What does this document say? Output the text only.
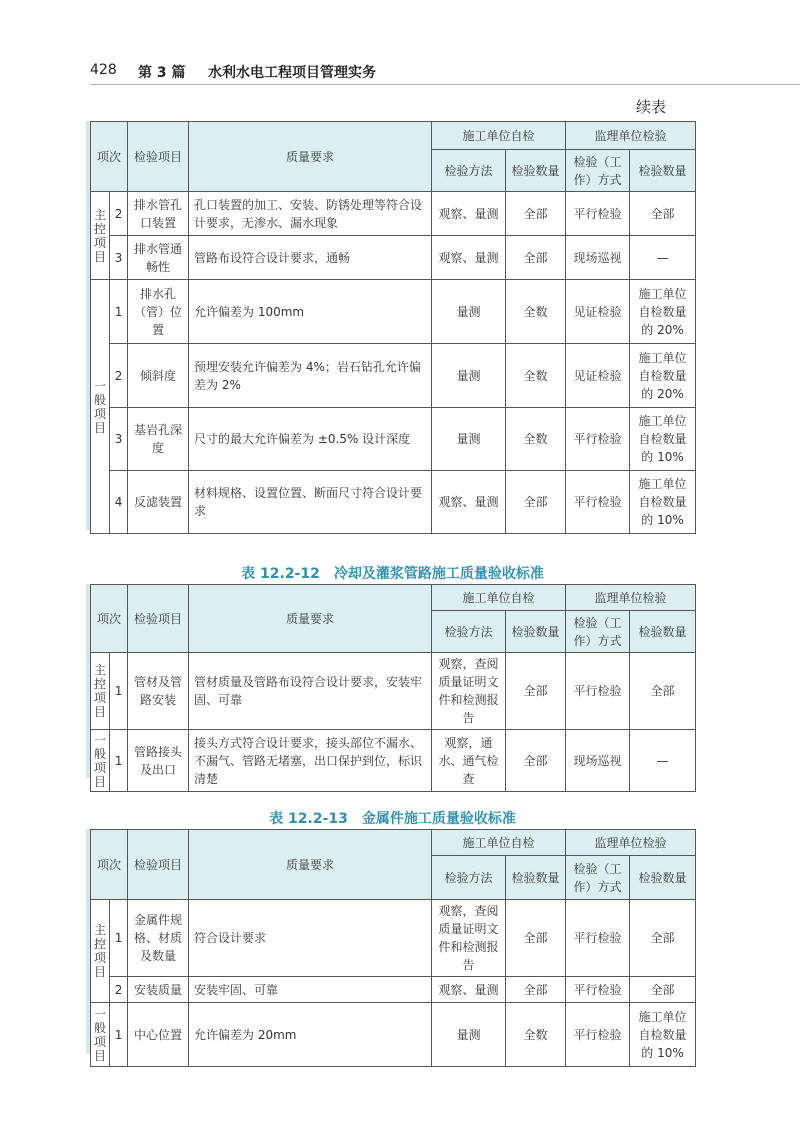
428 第 3 篇 水利水电工程项目管理实务
续表
项次		检验项目	质量要求	施工单位自检		监理单位检验	
				检验方法	检验数量	检验（工作）方式	检验数量

主控项目	2	排水管孔口装置	孔口装置的加工、安装、防锈处理等符合设计要求，无渗水、漏水现象	观察、量测	全部	平行检验	全部
	3	排水管通畅性	管路布设符合设计要求，通畅	观察、量测	全部	现场巡视	—

一般项目	1	排水孔（管）位置	允许偏差为 100mm	量测	全数	见证检验	施工单位自检数量的 20%
	2	倾斜度	预埋安装允许偏差为 4%；岩石钻孔允许偏差为 2%	量测	全数	见证检验	施工单位自检数量的 20%
	3	基岩孔深度	尺寸的最大允许偏差为 ±0.5% 设计深度	量测	全数	平行检验	施工单位自检数量的 10%
	4	反滤装置	材料规格、设置位置、断面尺寸符合设计要求	观察、量测	全部	平行检验	施工单位自检数量的 10%
表 12.2-12　冷却及灌浆管路施工质量验收标准
项次		检验项目	质量要求	施工单位自检		监理单位检验	
				检验方法	检验数量	检验（工作）方式	检验数量

主控项目	1	管材及管路安装	管材质量及管路布设符合设计要求，安装牢固、可靠	观察，查阅质量证明文件和检测报告	全部	平行检验	全部

一般项目	1	管路接头及出口	接头方式符合设计要求，接头部位不漏水、不漏气、管路无堵塞，出口保护到位，标识清楚	观察，通水、通气检查	全部	现场巡视	—
表 12.2-13　金属件施工质量验收标准
项次		检验项目	质量要求	施工单位自检		监理单位检验	
				检验方法	检验数量	检验（工作）方式	检验数量

主控项目	1	金属件规格、材质及数量	符合设计要求	观察，查阅质量证明文件和检测报告	全部	平行检验	全部
	2	安装质量	安装牢固、可靠	观察、量测	全部	平行检验	全部

一般项目	1	中心位置	允许偏差为 20mm	量测	全数	平行检验	施工单位自检数量的 10%
